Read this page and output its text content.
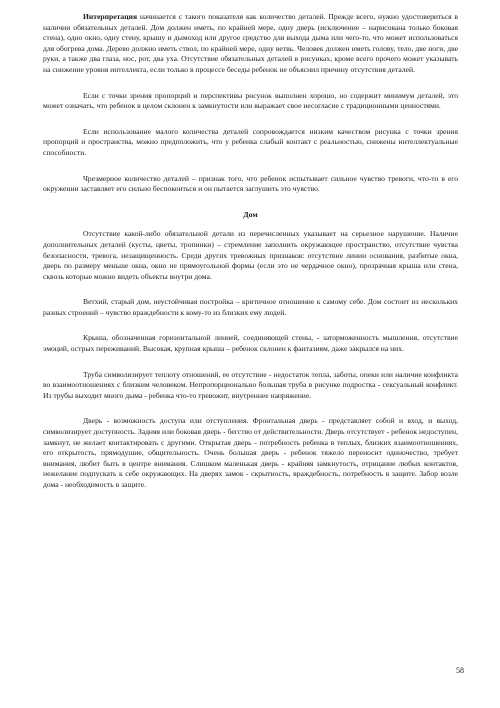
Интерпретация начинается с такого показателя как количество деталей. Прежде всего, нужно удостовериться в наличии обязательных деталей. Дом должен иметь, по крайней мере, одну дверь (исключение – нарисована только боковая стена), одно окно, одну стену, крышу и дымоход или другое средство для выхода дыма или чего-то, что может использоваться для обогрева дома. Дерево должно иметь ствол, по крайней мере, одну ветвь. Человек должен иметь голову, тело, две ноги, две руки, а также два глаза, нос, рот, два уха. Отсутствие обязательных деталей в рисунках, кроме всего прочего может указывать на снижение уровня интеллекта, если только в процессе беседы ребенок не объяснил причину отсутствия деталей.

Если с точки зрения пропорций и перспективы рисунок выполнен хорошо, но содержит минимум деталей, это может означать, что ребенок в целом склонен к замкнутости или выражает свое несогласие с традиционными ценностями.

Если использование малого количества деталей сопровождается низким качеством рисунка с точки зрения пропорций и пространства, можно предположить, что у ребенка слабый контакт с реальностью, снижены интеллектуальные способности.

Чрезмерное количество деталей – признак того, что ребенок испытывает сильное чувство тревоги, что-то в его окружении заставляет его сильно беспокоиться и он пытается заглушить это чувство.

Дом

Отсутствие какой-либо обязательной детали из перечисленных указывает на серьезное нарушение. Наличие дополнительных деталей (кусты, цветы, тропинки) – стремление заполнить окружающее пространство, отсутствие чувства безопасности, тревога, незащищенность. Среди других тревожных признаков: отсутствие линии основания, разбитые окна, дверь по размеру меньше окна, окно не прямоугольной формы (если это не чердачное окно), прозрачная крыша или стена, сквозь которые можно видеть объекты внутри дома.

Ветхий, старый дом, неустойчивая постройка – критичное отношение к самому себе. Дом состоит из нескольких разных строений – чувство враждебности к кому-то из близких ему людей.

Крыша, обозначенная горизонтальной линией, соединяющей стены, - заторможенность мышления, отсутствие эмоций, острых переживаний. Высокая, крупная крыша – ребенок склонен к фантазиям, даже закрылся на них.

Труба символизирует теплоту отношений, ее отсутствие - недостаток тепла, заботы, опеки или наличие конфликта во взаимоотношениях с близким человеком. Непропорционально большая труба в рисунке подростка - сексуальный конфликт. Из трубы выходит много дыма - ребенка что-то тревожит, внутреннее напряжение.

Дверь - возможность доступа или отступления. Фронтальная дверь - представляет собой и вход, и выход, символизирует доступность. Задняя или боковая дверь - бегство от действительности. Дверь отсутствует - ребенок недоступен, замкнут, не желает контактировать с другими. Открытая дверь - потребность ребенка в теплых, близких взаимоотношениях, его открытость, прямодушие, общительность. Очень большая дверь - ребенок тяжело переносит одиночество, требует внимания, любит быть в центре внимания. Слишком маленькая дверь - крайняя замкнутость, отрицание любых контактов, нежелание подпускать к себе окружающих. На дверях замок - скрытность, враждебность, потребность в защите. Забор возле дома - необходимость в защите.

58
